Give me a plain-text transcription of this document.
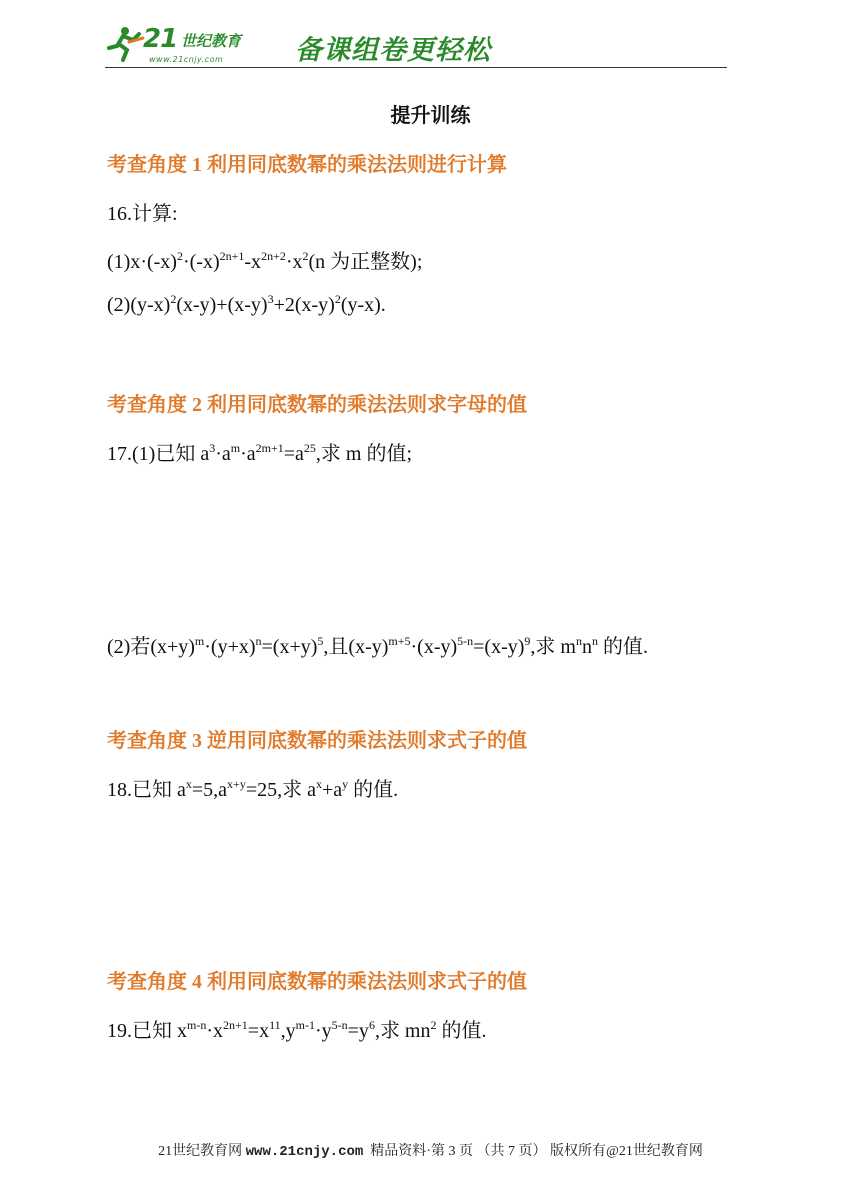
21 世纪教育
www.21cnjy.com	备课组卷更轻松
提升训练
考查角度 1 利用同底数幂的乘法法则进行计算
16.计算:
$(1)x\cdot(-x)^2\cdot(-x)^{2n+1}-x^{2n+2}\cdot x^2(n$ 为正整数);
$(2)(y-x)^2(x-y)+(x-y)^3+2(x-y)^2(y-x)$.
考查角度 2 利用同底数幂的乘法法则求字母的值
17.(1)已知 $a^3\cdot a^m\cdot a^{2m+1}=a^{25}$,求 m 的值;
(2)若$(x+y)^m\cdot(y+x)^n=(x+y)^5$,且$(x-y)^{m+5}\cdot(x-y)^{5-n}=(x-y)^9$,求 $m^nn^n$ 的值.
考查角度 3 逆用同底数幂的乘法法则求式子的值
18.已知 $a^x=5,a^{x+y}=25$,求 $a^x+a^y$ 的值.
考查角度 4 利用同底数幂的乘法法则求式子的值
19.已知 $x^{m-n}\cdot x^{2n+1}=x^{11},y^{m-1}\cdot y^{5-n}=y^6$,求 $mn^2$ 的值.
21世纪教育网 www.21cnjy.com 精品资料·第 3 页 （共 7 页） 版权所有@21世纪教育网
